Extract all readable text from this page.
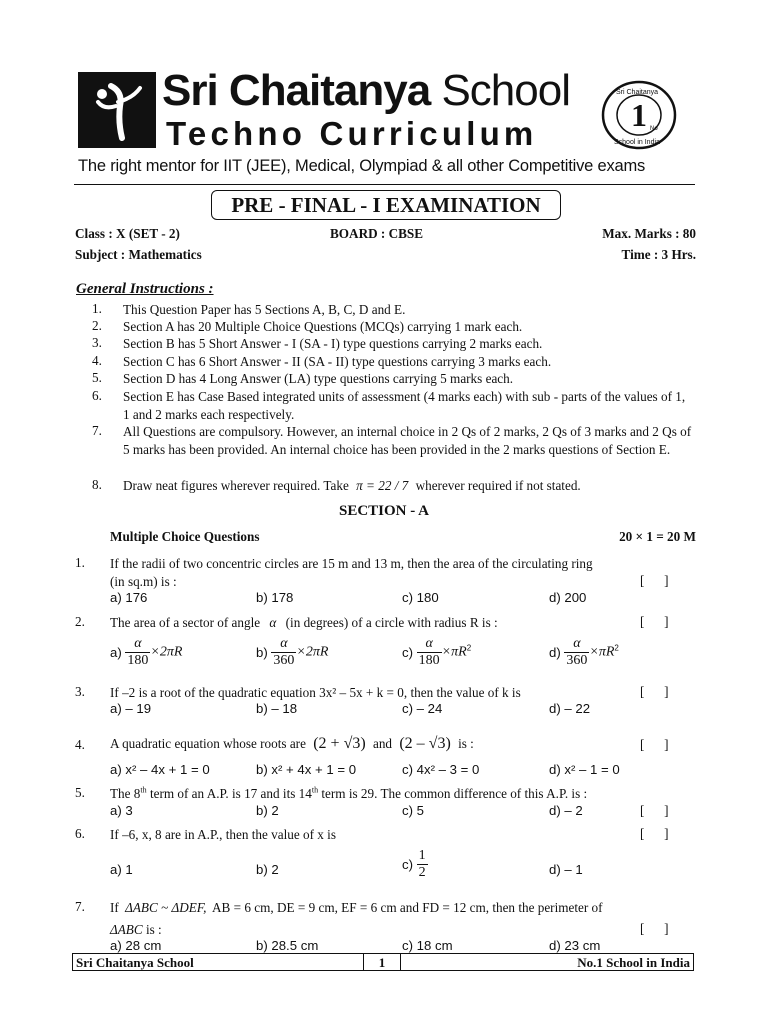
Sri Chaitanya School
Techno Curriculum	1 No
Sri Chaitanya
School in India
The right mentor for IIT (JEE), Medical, Olympiad & all other Competitive exams
PRE - FINAL - I EXAMINATION
Class : X (SET - 2)	BOARD : CBSE	Max. Marks : 80
Subject : Mathematics	Time : 3 Hrs.
General Instructions :
1. This Question Paper has 5 Sections A, B, C, D and E.
2. Section A has 20 Multiple Choice Questions (MCQs) carrying 1 mark each.
3. Section B has 5 Short Answer - I (SA - I) type questions carrying 2 marks each.
4. Section C has 6 Short Answer - II (SA - II) type questions carrying 3 marks each.
5. Section D has 4 Long Answer (LA) type questions carrying 5 marks each.
6. Section E has Case Based integrated units of assessment (4 marks each) with sub - parts of the values of 1, 1 and 2 marks each respectively.
7. All Questions are compulsory. However, an internal choice in 2 Qs of 2 marks, 2 Qs of 3 marks and 2 Qs of 5 marks has been provided. An internal choice has been provided in the 2 marks questions of Section E.
8. Draw neat figures wherever required. Take π = 22 / 7 wherever required if not stated.
SECTION - A
Multiple Choice Questions	20 × 1 = 20 M
1. If the radii of two concentric circles are 15 m and 13 m, then the area of the circulating ring
(in sq.m) is :	[      ]
a) 176	b) 178	c) 180	d) 200
2. The area of a sector of angle α (in degrees) of a circle with radius R is :	[      ]
$a) \frac{\alpha}{180} \times 2\pi R$	$b) \frac{\alpha}{360} \times 2\pi R$	$c) \frac{\alpha}{180} \times\pi R^2$	$d) \frac{\alpha}{360} \times\pi R^2$
3. If –2 is a root of the quadratic equation 3x² – 5x + k = 0, then the value of k is	[      ]
a) – 19	b) – 18	c) – 24	d) – 22
4. A quadratic equation whose roots are (2 + √3) and (2 – √3) is :	[      ]
a) x² – 4x + 1 = 0	b) x² + 4x + 1 = 0	c) 4x² – 3 = 0	d) x² – 1 = 0
5. The 8th term of an A.P. is 17 and its 14th term is 29. The common difference of this A.P. is :
[      ]
a) 3	b) 2	c) 5	d) – 2
6. If –6, x, 8 are in A.P., then the value of x is	[      ]
a) 1	b) 2	$c) \frac{1}{2}$	d) – 1
7. If ΔABC ~ ΔDEF, AB = 6 cm, DE = 9 cm, EF = 6 cm and FD = 12 cm, then the perimeter of
ΔABC is :	[      ]
a) 28 cm	b) 28.5 cm	c) 18 cm	d) 23 cm
Sri Chaitanya School	1	No.1 School in India
